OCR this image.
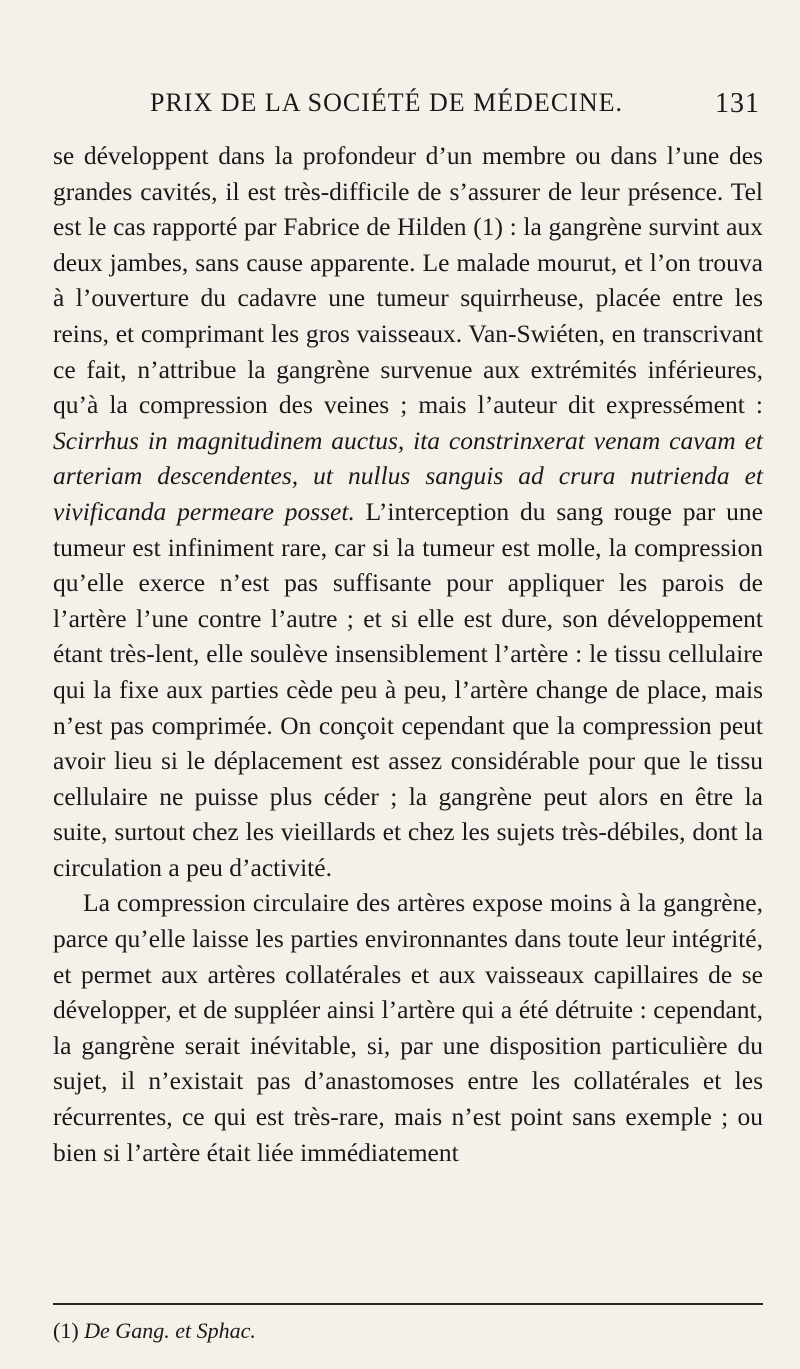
PRIX DE LA SOCIÉTÉ DE MÉDECINE.	131

se développent dans la profondeur d’un membre ou dans l’une des grandes cavités, il est très-difficile de s’assurer de leur présence. Tel est le cas rapporté par Fabrice de Hilden (1) : la gangrène survint aux deux jambes, sans cause apparente. Le malade mourut, et l’on trouva à l’ouverture du cadavre une tumeur squirrheuse, placée entre les reins, et comprimant les gros vaisseaux. Van-Swiéten, en transcrivant ce fait, n’attribue la gangrène survenue aux extrémités inférieures, qu’à la compression des veines ; mais l’auteur dit expressément : Scirrhus in magnitudinem auctus, ita constrinxerat venam cavam et arteriam descendentes, ut nullus sanguis ad crura nutrienda et vivificanda permeare posset. L’interception du sang rouge par une tumeur est infiniment rare, car si la tumeur est molle, la compression qu’elle exerce n’est pas suffisante pour appliquer les parois de l’artère l’une contre l’autre ; et si elle est dure, son développement étant très-lent, elle soulève insensiblement l’artère : le tissu cellulaire qui la fixe aux parties cède peu à peu, l’artère change de place, mais n’est pas comprimée. On conçoit cependant que la compression peut avoir lieu si le déplacement est assez considérable pour que le tissu cellulaire ne puisse plus céder ; la gangrène peut alors en être la suite, surtout chez les vieillards et chez les sujets très-débiles, dont la circulation a peu d’activité.

La compression circulaire des artères expose moins à la gangrène, parce qu’elle laisse les parties environnantes dans toute leur intégrité, et permet aux artères collatérales et aux vaisseaux capillaires de se développer, et de suppléer ainsi l’artère qui a été détruite : cependant, la gangrène serait inévitable, si, par une disposition particulière du sujet, il n’existait pas d’anastomoses entre les collatérales et les récurrentes, ce qui est très-rare, mais n’est point sans exemple ; ou bien si l’artère était liée immédiatement

(1) De Gang. et Sphac.
